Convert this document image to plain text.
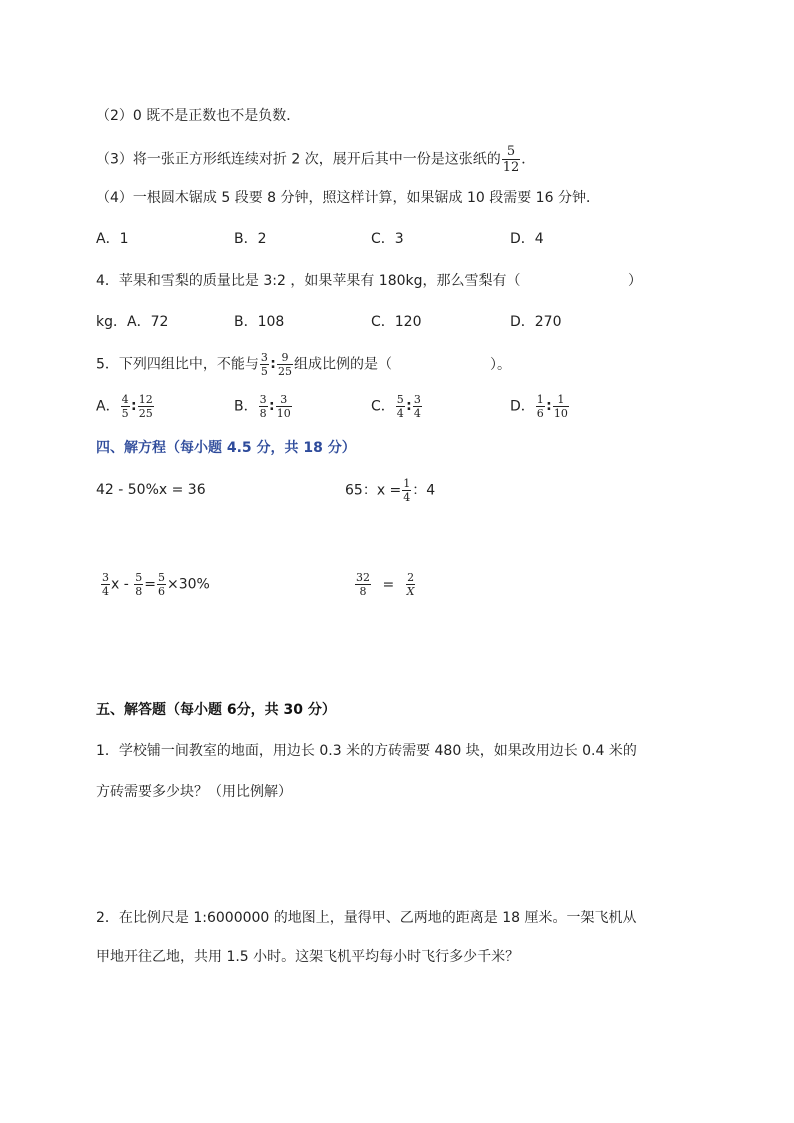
（2）0 既不是正数也不是负数．
（3）将一张正方形纸连续对折 2 次，展开后其中一份是这张纸的 $\frac{5}{12}$ ．
（4）一根圆木锯成 5 段要 8 分钟，照这样计算，如果锯成 10 段需要 16 分钟．
A．1	B．2	C．3	D．4
4．苹果和雪梨的质量比是 3:2 ，如果苹果有 180kg，那么雪梨有（	）
kg．A．72	B．108	C．120	D．270
5．下列四组比中，不能与 $\frac{3}{5}$ ∶ $\frac{9}{25}$ 组成比例的是（	）。
A． $\frac{4}{5}$ ∶ $\frac{12}{25}$	B． $\frac{3}{8}$ ∶ $\frac{3}{10}$	C． $\frac{5}{4}$ ∶ $\frac{3}{4}$	D． $\frac{1}{6}$ ∶ $\frac{1}{10}$
四、解方程（每小题 4.5 分，共 18 分）
42 - 50%x = 36	65：$x = \frac{1}{4}$ ：4
$\frac{3}{4}$ $x - \frac{5}{8} = \frac{5}{6} \times 30\%$	$\frac{32}{8} = \frac{2}{X}$
五、解答题（每小题 6分，共 30 分）
1．学校铺一间教室的地面，用边长 0.3 米的方砖需要 480 块，如果改用边长 0.4 米的
方砖需要多少块？（用比例解）
2．在比例尺是 1:6000000 的地图上，量得甲、乙两地的距离是 18 厘米。一架飞机从
甲地开往乙地，共用 1.5 小时。这架飞机平均每小时飞行多少千米？
